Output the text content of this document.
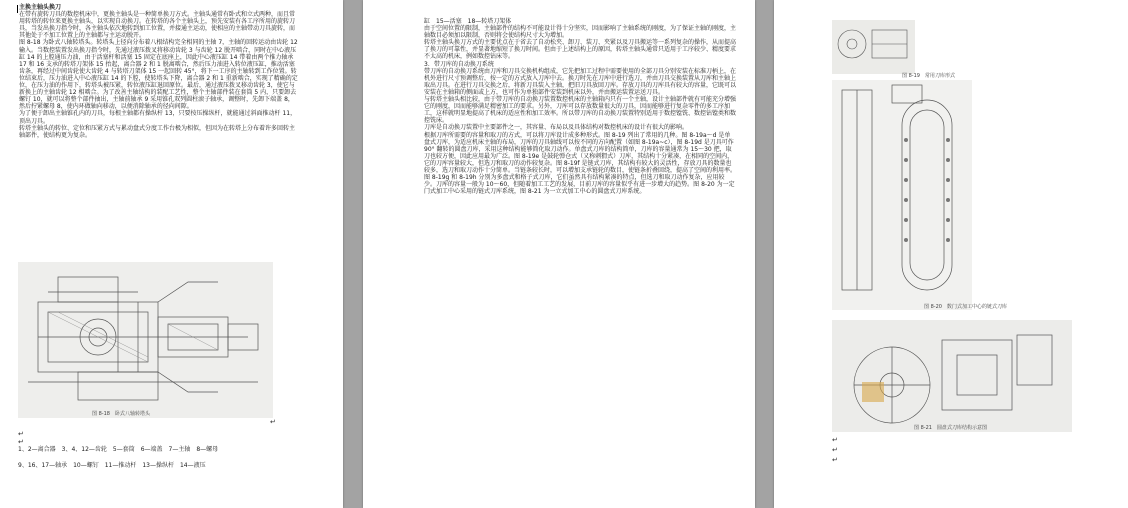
主换主轴头换刀

在带有旋转刀具的数控机床中，更换主轴头是一种简单换刀方式。主轴头通常有卧式和立式两种，而且常用转塔的转位来更换主轴头，以实现自动换刀。在转塔的各个主轴头上，预先安装有各工序所用的旋转刀具，当发出换刀指令时，各主轴头依次地转到加工位置，并接通主运动，使相应的主轴带动刀具旋转，而其他处于不加工位置上的主轴都与主运动脱开。

图 8-18 为卧式八轴转塔头。转塔头上径向分布着八根结构完全相同的主轴 7，主轴的回转运动由齿轮 12 输入。当数控装置发出换刀指令时，先通过液压拨叉将移动齿轮 3 与齿轮 12 脱开啮合，同时在中心液压缸 14 的上腔通压力油，由于活塞杆和活塞 15 固定在底座上，因此中心液压缸 14 带着由两个推力轴承 17 和 16 支承的转塔刀架体 15 抬起，离合器 2 和 1 脱离啮合，然后压力油进入转位液压缸，推动活塞齿条，再经过中间齿轮使大齿轮 4 与转塔刀架体 15 一起回转 45°，将下一工序的主轴转到工作位置。转位结束后，压力油进入中心液压缸 14 的下腔，使转塔头下降，离合器 2 和 1 重新啮合，实现了精确的定位，在压力油的作用下，转塔头被压紧，转位液压缸退回原位。最后，通过液压拨叉移动齿轮 3，使它与新换上的主轴齿轮 12 相啮合。为了改善主轴结构的装配工艺性，整个主轴部件装在套筒 5 内，只要卸去螺钉 10，就可以将整个部件抽出，主轴前轴承 9 采用锥孔双列圆柱滚子轴承，调整时，先卸下端盖 8，然后拧紧螺母 8，使内环做轴向移动，以便消除轴承的径向间隙。

为了便于卸出主轴锥孔内的刀具，每根主轴都有操纵杆 13，只要按压操纵杆，就能通过斜面推动杆 11，顶出刀具。

转塔主轴头的转位、定位和压紧方式与累动盘式分度工作台极为相似，但因为在转塔上分布着许多回转主轴部件，使结构更为复杂。

图 8-18　卧式八轴转塔头
↵
↵
↵
1、2—离合器　3、4、12—齿轮　5—套筒　6—端盖　7—主轴　8—螺母
9、16、17—轴承　10—螺钉　11—推动杆　13—操纵杆　14—液压

缸　15—活塞　18—转塔刀架体

由于空间位置的限制，主轴部件的结构不可能设计得十分坚实，因而影响了主轴系统的刚度，为了保证主轴的刚度，主轴数目必须加以限制，否则将会使结构尺寸大为增加。

转塔主轴头换刀方式的主要优点在于省去了自动松夹、卸刀、装刀、夹紧以及刀具搬运等一系列复杂的操作，从而提高了换刀的可靠性，并显著地缩短了换刀时间。但由于上述结构上的原因，转塔主轴头通常只适用于工序较少、精度要求不太高的机床，例如数控钻床等。

3．带刀库的自动换刀系统

带刀库的自动换刀系统由刀库和刀具交换机构组成，它先把加工过程中需要使用的全部刀具分别安装在标准刀柄上，在机外进行尺寸预调整后，按一定的方式放入刀库中去。换刀时先在刀库中进行选刀，并由刀具交换装置从刀库和主轴上取出刀具。在进行刀具交换之后，将新刀具装入主轴，把旧刀具放回刀库。存放刀具的刀库具有较大的容量，它既可以安装在主轴箱的侧面或上方，也可作为单独部件安装到机床以外，并由搬运装置运送刀具。

与转塔主轴头相比较，由于带刀库的自动换刀装置数控机床的主轴箱内只有一个主轴，设计主轴部件就有可能充分增强它的刚度，因而能够满足精密加工的要求。另外，刀库可以存放数量很大的刀具，因而能够进行复杂零件的多工序加工，这样就明显地提高了机床的适应性和加工效率。所以带刀库的自动换刀装置特别适用于数控镗铣、数控钻镗类和数控铣床。

刀库是自动换刀装置中主要部件之一，其容量、布局以及具体结构对数控机床的设计有很大的影响。

根据刀库所需要的容量和取刀的方式，可以将刀库设计成多种形式。图 8-19 列出了常用的几种。图 8-19a～d 是单盘式刀库，为适应机床主轴的布局，刀库的刀具轴线可以按不同的方向配置（如图 8-19a~c），图 8-19d 是刀具可作 90° 翻转的圆盘刀库，采用这种结构能够简化取刀动作。单盘式刀库的结构简单，刀库的容量通常为 15～30 把，取刀也较方便，因此应用最为广泛。图 8-19e 是鼓轮弹仓式（又称刺猬式）刀库，其结构十分紧凑，在相同的空间内，它的刀库容量较大，但选刀和取刀的动作较复杂。图 8-19f 是链式刀库，其结构有较大的灵活性，存放刀具的数量也较多，选刀和取刀动作十分简单。当链条较长时，可以增加支承链轮的数目，使链条折叠回绕，提高了空间的利用率。图 8-19g 和 8-19h 分别为多盘式和格子式刀库，它们虽然具有结构紧凑的特点，但选刀和取刀动作复杂，应用较少。刀库的容量一般为 10～60，但随着加工工艺的发展，目前刀库的容量似乎有进一步增大的趋势。图 8-20 为一定门式加工中心采用的链式刀库系统，图 8-21 为一立式加工中心的圆盘式刀库系统。

图 8-19　常用刀库形式
图 8-20　数门式加工中心的链式刀库
图 8-21　圆盘式刀库结构示意图
↵
↵
↵
